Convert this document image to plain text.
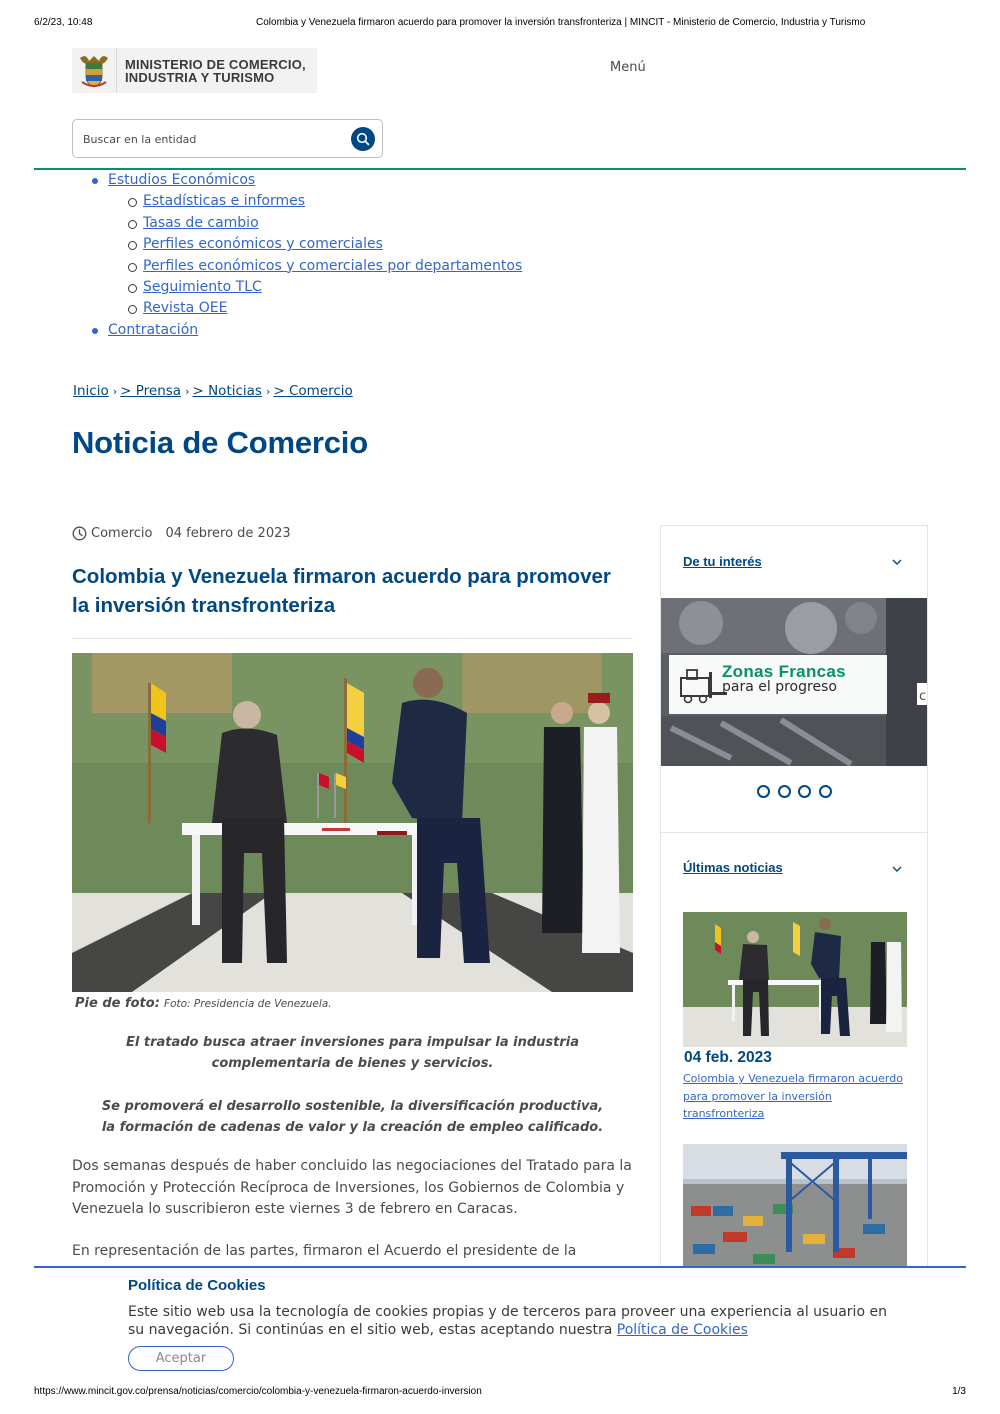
6/2/23, 10:48	Colombia y Venezuela firmaron acuerdo para promover la inversión transfronteriza | MINCIT - Ministerio de Comercio, Industria y Turismo
MINISTERIO DE COMERCIO,
INDUSTRIA Y TURISMO
Menú
Buscar en la entidad
Estudios Económicos
Estadísticas e informes
Tasas de cambio
Perfiles económicos y comerciales
Perfiles económicos y comerciales por departamentos
Seguimiento TLC
Revista OEE
Contratación
Inicio › > Prensa › > Noticias › > Comercio
Noticia de Comercio
Comercio 04 febrero de 2023
Colombia y Venezuela firmaron acuerdo para promover la inversión transfronteriza
Pie de foto: Foto: Presidencia de Venezuela.

El tratado busca atraer inversiones para impulsar la industria complementaria de bienes y servicios.

Se promoverá el desarrollo sostenible, la diversificación productiva, la formación de cadenas de valor y la creación de empleo calificado.

Dos semanas después de haber concluido las negociaciones del Tratado para la Promoción y Protección Recíproca de Inversiones, los Gobiernos de Colombia y Venezuela lo suscribieron este viernes 3 de febrero en Caracas.

En representación de las partes, firmaron el Acuerdo el presidente de la

De tu interés
c
Zonas Francas
para el progreso
Últimas noticias
04 feb. 2023
Colombia y Venezuela firmaron acuerdo para promover la inversión transfronteriza
Política de Cookies

Este sitio web usa la tecnología de cookies propias y de terceros para proveer una experiencia al usuario en su navegación. Si continúas en el sitio web, estas aceptando nuestra Política de Cookies

Aceptar
https://www.mincit.gov.co/prensa/noticias/comercio/colombia-y-venezuela-firmaron-acuerdo-inversion	1/3
